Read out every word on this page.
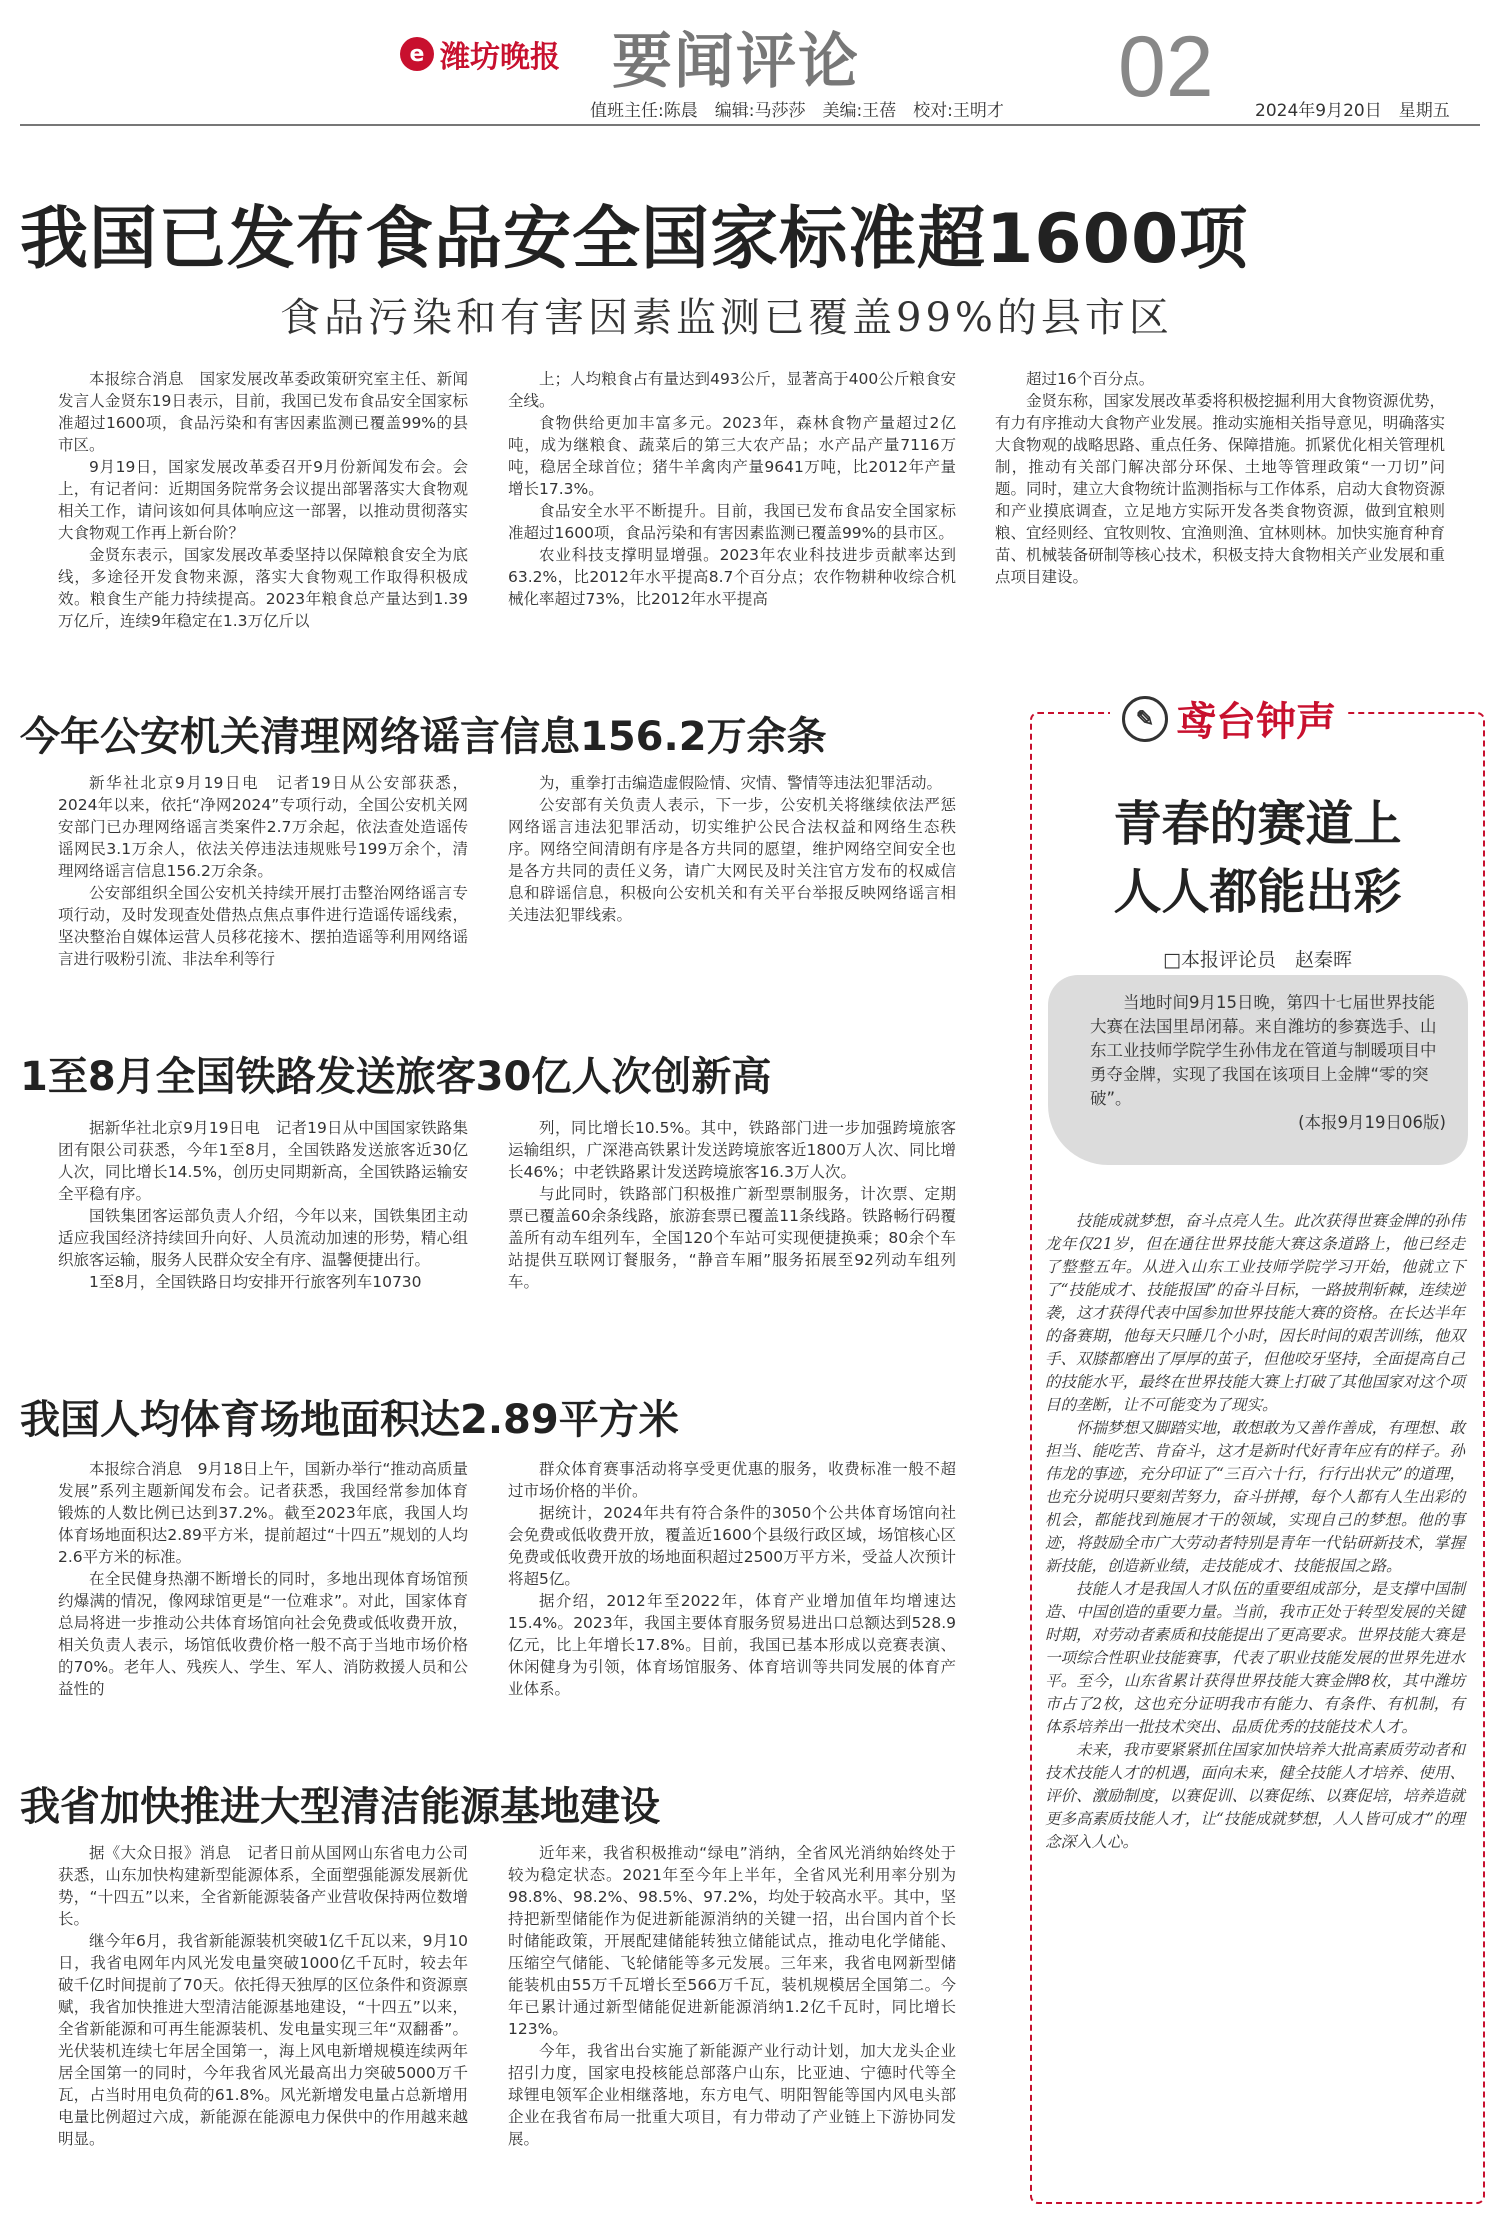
e 潍坊晚报 要闻评论	02
值班主任:陈晨　编辑:马莎莎　美编:王蓓　校对:王明才	2024年9月20日　星期五
我国已发布食品安全国家标准超1600项
食品污染和有害因素监测已覆盖99%的县市区

本报综合消息　国家发展改革委政策研究室主任、新闻发言人金贤东19日表示，目前，我国已发布食品安全国家标准超过1600项，食品污染和有害因素监测已覆盖99%的县市区。

9月19日，国家发展改革委召开9月份新闻发布会。会上，有记者问：近期国务院常务会议提出部署落实大食物观相关工作，请问该如何具体响应这一部署，以推动贯彻落实大食物观工作再上新台阶？

金贤东表示，国家发展改革委坚持以保障粮食安全为底线，多途径开发食物来源，落实大食物观工作取得积极成效。粮食生产能力持续提高。2023年粮食总产量达到1.39万亿斤，连续9年稳定在1.3万亿斤以

上；人均粮食占有量达到493公斤，显著高于400公斤粮食安全线。

食物供给更加丰富多元。2023年，森林食物产量超过2亿吨，成为继粮食、蔬菜后的第三大农产品；水产品产量7116万吨，稳居全球首位；猪牛羊禽肉产量9641万吨，比2012年产量增长17.3%。

食品安全水平不断提升。目前，我国已发布食品安全国家标准超过1600项，食品污染和有害因素监测已覆盖99%的县市区。

农业科技支撑明显增强。2023年农业科技进步贡献率达到63.2%，比2012年水平提高8.7个百分点；农作物耕种收综合机械化率超过73%，比2012年水平提高

超过16个百分点。

金贤东称，国家发展改革委将积极挖掘利用大食物资源优势，有力有序推动大食物产业发展。推动实施相关指导意见，明确落实大食物观的战略思路、重点任务、保障措施。抓紧优化相关管理机制，推动有关部门解决部分环保、土地等管理政策“一刀切”问题。同时，建立大食物统计监测指标与工作体系，启动大食物资源和产业摸底调查，立足地方实际开发各类食物资源，做到宜粮则粮、宜经则经、宜牧则牧、宜渔则渔、宜林则林。加快实施育种育苗、机械装备研制等核心技术，积极支持大食物相关产业发展和重点项目建设。

今年公安机关清理网络谣言信息156.2万余条

新华社北京9月19日电　记者19日从公安部获悉，2024年以来，依托“净网2024”专项行动，全国公安机关网安部门已办理网络谣言类案件2.7万余起，依法查处造谣传谣网民3.1万余人，依法关停违法违规账号199万余个，清理网络谣言信息156.2万余条。

公安部组织全国公安机关持续开展打击整治网络谣言专项行动，及时发现查处借热点焦点事件进行造谣传谣线索，坚决整治自媒体运营人员移花接木、摆拍造谣等利用网络谣言进行吸粉引流、非法牟利等行

为，重拳打击编造虚假险情、灾情、警情等违法犯罪活动。

公安部有关负责人表示，下一步，公安机关将继续依法严惩网络谣言违法犯罪活动，切实维护公民合法权益和网络生态秩序。网络空间清朗有序是各方共同的愿望，维护网络空间安全也是各方共同的责任义务，请广大网民及时关注官方发布的权威信息和辟谣信息，积极向公安机关和有关平台举报反映网络谣言相关违法犯罪线索。

1至8月全国铁路发送旅客30亿人次创新高

据新华社北京9月19日电　记者19日从中国国家铁路集团有限公司获悉，今年1至8月，全国铁路发送旅客近30亿人次，同比增长14.5%，创历史同期新高，全国铁路运输安全平稳有序。

国铁集团客运部负责人介绍，今年以来，国铁集团主动适应我国经济持续回升向好、人员流动加速的形势，精心组织旅客运输，服务人民群众安全有序、温馨便捷出行。

1至8月，全国铁路日均安排开行旅客列车10730

列，同比增长10.5%。其中，铁路部门进一步加强跨境旅客运输组织，广深港高铁累计发送跨境旅客近1800万人次、同比增长46%；中老铁路累计发送跨境旅客16.3万人次。

与此同时，铁路部门积极推广新型票制服务，计次票、定期票已覆盖60余条线路，旅游套票已覆盖11条线路。铁路畅行码覆盖所有动车组列车，全国120个车站可实现便捷换乘；80余个车站提供互联网订餐服务，“静音车厢”服务拓展至92列动车组列车。

我国人均体育场地面积达2.89平方米

本报综合消息　9月18日上午，国新办举行“推动高质量发展”系列主题新闻发布会。记者获悉，我国经常参加体育锻炼的人数比例已达到37.2%。截至2023年底，我国人均体育场地面积达2.89平方米，提前超过“十四五”规划的人均2.6平方米的标准。

在全民健身热潮不断增长的同时，多地出现体育场馆预约爆满的情况，像网球馆更是“一位难求”。对此，国家体育总局将进一步推动公共体育场馆向社会免费或低收费开放，相关负责人表示，场馆低收费价格一般不高于当地市场价格的70%。老年人、残疾人、学生、军人、消防救援人员和公益性的

群众体育赛事活动将享受更优惠的服务，收费标准一般不超过市场价格的半价。

据统计，2024年共有符合条件的3050个公共体育场馆向社会免费或低收费开放，覆盖近1600个县级行政区域，场馆核心区免费或低收费开放的场地面积超过2500万平方米，受益人次预计将超5亿。

据介绍，2012年至2022年，体育产业增加值年均增速达15.4%。2023年，我国主要体育服务贸易进出口总额达到528.9亿元，比上年增长17.8%。目前，我国已基本形成以竞赛表演、休闲健身为引领，体育场馆服务、体育培训等共同发展的体育产业体系。

我省加快推进大型清洁能源基地建设

据《大众日报》消息　记者日前从国网山东省电力公司获悉，山东加快构建新型能源体系，全面塑强能源发展新优势，“十四五”以来，全省新能源装备产业营收保持两位数增长。

继今年6月，我省新能源装机突破1亿千瓦以来，9月10日，我省电网年内风光发电量突破1000亿千瓦时，较去年破千亿时间提前了70天。依托得天独厚的区位条件和资源禀赋，我省加快推进大型清洁能源基地建设，“十四五”以来，全省新能源和可再生能源装机、发电量实现三年“双翻番”。光伏装机连续七年居全国第一，海上风电新增规模连续两年居全国第一的同时，今年我省风光最高出力突破5000万千瓦，占当时用电负荷的61.8%。风光新增发电量占总新增用电量比例超过六成，新能源在能源电力保供中的作用越来越明显。

近年来，我省积极推动“绿电”消纳，全省风光消纳始终处于较为稳定状态。2021年至今年上半年，全省风光利用率分别为98.8%、98.2%、98.5%、97.2%，均处于较高水平。其中，坚持把新型储能作为促进新能源消纳的关键一招，出台国内首个长时储能政策，开展配建储能转独立储能试点，推动电化学储能、压缩空气储能、飞轮储能等多元发展。三年来，我省电网新型储能装机由55万千瓦增长至566万千瓦，装机规模居全国第二。今年已累计通过新型储能促进新能源消纳1.2亿千瓦时，同比增长123%。

今年，我省出台实施了新能源产业行动计划，加大龙头企业招引力度，国家电投核能总部落户山东，比亚迪、宁德时代等全球锂电领军企业相继落地，东方电气、明阳智能等国内风电头部企业在我省布局一批重大项目，有力带动了产业链上下游协同发展。

✎ 鸢台钟声
青春的赛道上
人人都能出彩
□本报评论员　赵秦晖

当地时间9月15日晚，第四十七届世界技能大赛在法国里昂闭幕。来自潍坊的参赛选手、山东工业技师学院学生孙伟龙在管道与制暖项目中勇夺金牌，实现了我国在该项目上金牌“零的突破”。

(本报9月19日06版)

技能成就梦想，奋斗点亮人生。此次获得世赛金牌的孙伟龙年仅21岁，但在通往世界技能大赛这条道路上，他已经走了整整五年。从进入山东工业技师学院学习开始，他就立下了“技能成才、技能报国”的奋斗目标，一路披荆斩棘，连续逆袭，这才获得代表中国参加世界技能大赛的资格。在长达半年的备赛期，他每天只睡几个小时，因长时间的艰苦训练，他双手、双膝都磨出了厚厚的茧子，但他咬牙坚持，全面提高自己的技能水平，最终在世界技能大赛上打破了其他国家对这个项目的垄断，让不可能变为了现实。

怀揣梦想又脚踏实地，敢想敢为又善作善成，有理想、敢担当、能吃苦、肯奋斗，这才是新时代好青年应有的样子。孙伟龙的事迹，充分印证了“三百六十行，行行出状元”的道理，也充分说明只要刻苦努力，奋斗拼搏，每个人都有人生出彩的机会，都能找到施展才干的领域，实现自己的梦想。他的事迹，将鼓励全市广大劳动者特别是青年一代钻研新技术，掌握新技能，创造新业绩，走技能成才、技能报国之路。

技能人才是我国人才队伍的重要组成部分，是支撑中国制造、中国创造的重要力量。当前，我市正处于转型发展的关键时期，对劳动者素质和技能提出了更高要求。世界技能大赛是一项综合性职业技能赛事，代表了职业技能发展的世界先进水平。至今，山东省累计获得世界技能大赛金牌8枚，其中潍坊市占了2枚，这也充分证明我市有能力、有条件、有机制，有体系培养出一批技术突出、品质优秀的技能技术人才。

未来，我市要紧紧抓住国家加快培养大批高素质劳动者和技术技能人才的机遇，面向未来，健全技能人才培养、使用、评价、激励制度，以赛促训、以赛促练、以赛促培，培养造就更多高素质技能人才，让“技能成就梦想，人人皆可成才”的理念深入人心。
